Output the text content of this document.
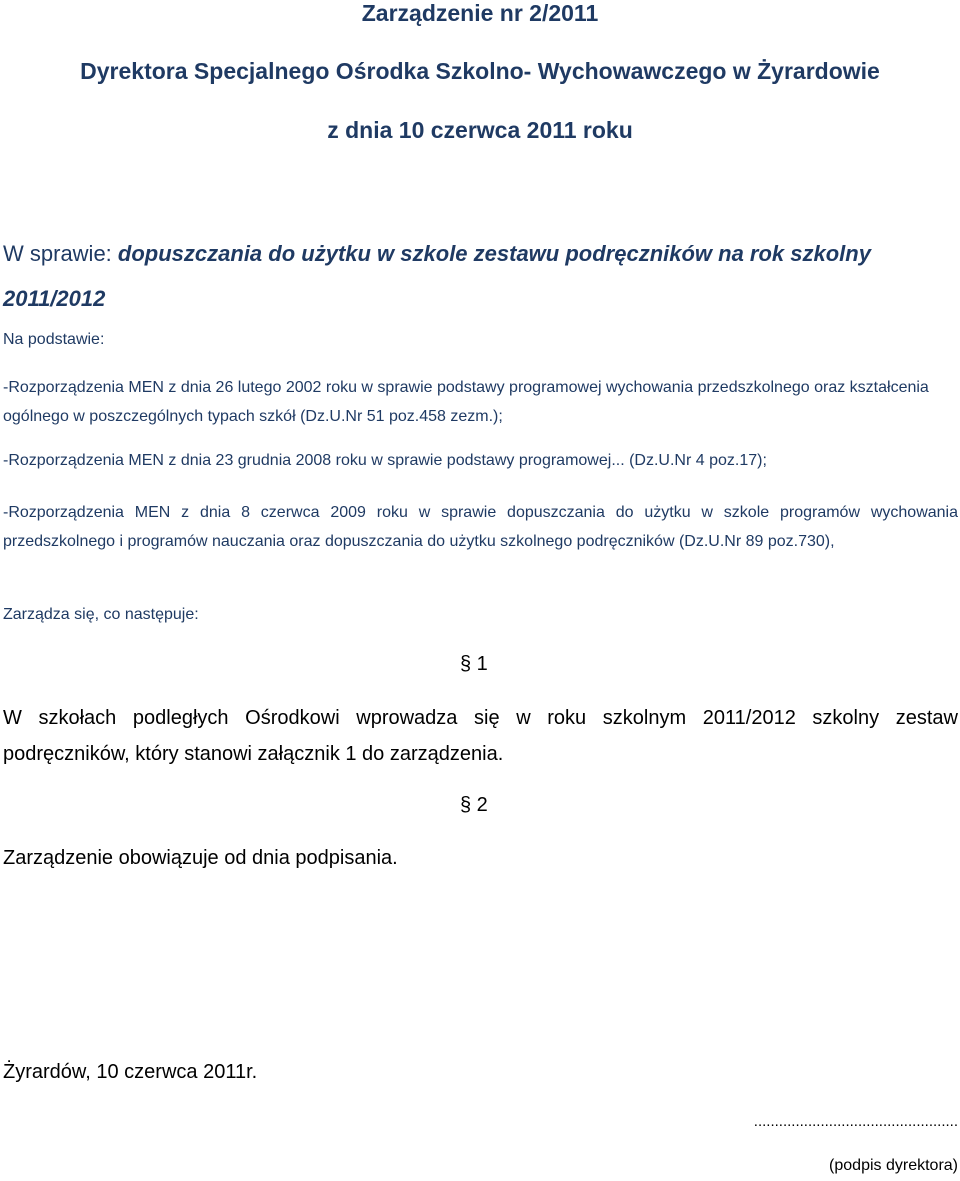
Zarządzenie nr 2/2011
Dyrektora Specjalnego Ośrodka Szkolno- Wychowawczego w Żyrardowie
z dnia 10 czerwca 2011 roku
W sprawie: dopuszczania do użytku w szkole zestawu podręczników na rok szkolny 2011/2012
Na podstawie:
-Rozporządzenia MEN z dnia 26 lutego 2002 roku w sprawie podstawy programowej wychowania przedszkolnego oraz kształcenia ogólnego w poszczególnych typach szkół (Dz.U.Nr 51 poz.458 zezm.);
-Rozporządzenia MEN z dnia 23 grudnia 2008 roku w sprawie podstawy programowej... (Dz.U.Nr 4 poz.17);
-Rozporządzenia MEN z dnia 8 czerwca 2009 roku w sprawie dopuszczania do użytku w szkole programów wychowania przedszkolnego i programów nauczania oraz dopuszczania do użytku szkolnego podręczników (Dz.U.Nr 89 poz.730),
Zarządza się, co następuje:
§ 1
W szkołach podległych Ośrodkowi wprowadza się w roku szkolnym 2011/2012 szkolny zestaw podręczników, który stanowi załącznik 1 do zarządzenia.
§ 2
Zarządzenie obowiązuje od dnia podpisania.
Żyrardów, 10 czerwca 2011r.
.................................................
(podpis dyrektora)
